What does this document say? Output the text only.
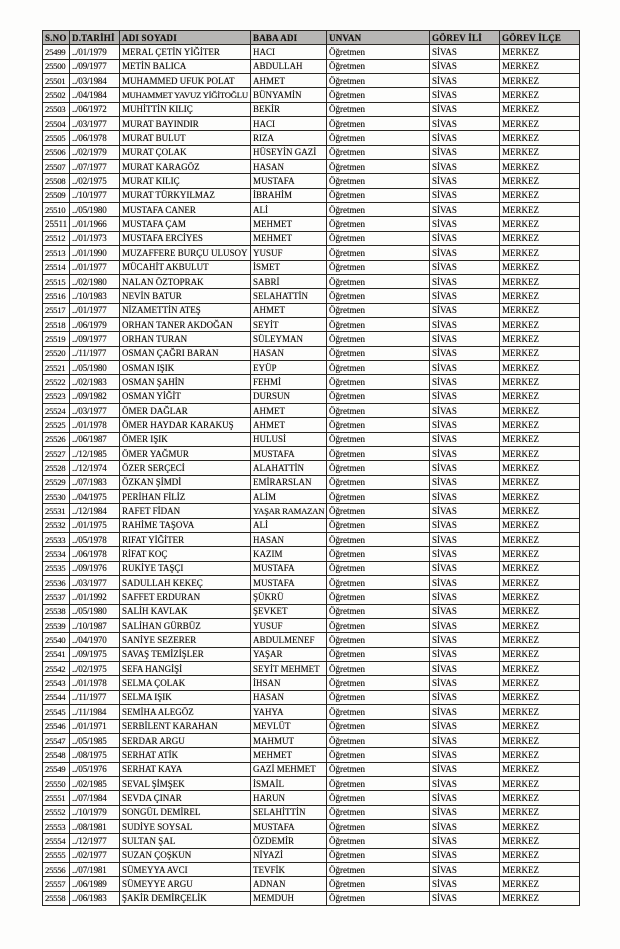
S.NO	D.TARİHİ	ADI SOYADI	BABA ADI	UNVAN	GÖREV İLİ	GÖREV İLÇE
25499	../01/1979	MERAL ÇETİN YİĞİTER	HACI	Öğretmen	SİVAS	MERKEZ
25500	../09/1977	METİN BALICA	ABDULLAH	Öğretmen	SİVAS	MERKEZ
25501	../03/1984	MUHAMMED UFUK POLAT	AHMET	Öğretmen	SİVAS	MERKEZ
25502	../04/1984	MUHAMMET YAVUZ YİĞİTOĞLU	BÜNYAMİN	Öğretmen	SİVAS	MERKEZ
25503	../06/1972	MUHİTTİN KILIÇ	BEKİR	Öğretmen	SİVAS	MERKEZ
25504	../03/1977	MURAT BAYINDIR	HACI	Öğretmen	SİVAS	MERKEZ
25505	../06/1978	MURAT BULUT	RIZA	Öğretmen	SİVAS	MERKEZ
25506	../02/1979	MURAT ÇOLAK	HÜSEYİN GAZİ	Öğretmen	SİVAS	MERKEZ
25507	../07/1977	MURAT KARAGÖZ	HASAN	Öğretmen	SİVAS	MERKEZ
25508	../02/1975	MURAT KILIÇ	MUSTAFA	Öğretmen	SİVAS	MERKEZ
25509	../10/1977	MURAT TÜRKYILMAZ	İBRAHİM	Öğretmen	SİVAS	MERKEZ
25510	../05/1980	MUSTAFA CANER	ALİ	Öğretmen	SİVAS	MERKEZ
25511	../01/1966	MUSTAFA ÇAM	MEHMET	Öğretmen	SİVAS	MERKEZ
25512	../01/1973	MUSTAFA ERCİYES	MEHMET	Öğretmen	SİVAS	MERKEZ
25513	../01/1990	MUZAFFERE BURÇU ULUSOY	YUSUF	Öğretmen	SİVAS	MERKEZ
25514	../01/1977	MÜCAHİT AKBULUT	İSMET	Öğretmen	SİVAS	MERKEZ
25515	../02/1980	NALAN ÖZTOPRAK	SABRİ	Öğretmen	SİVAS	MERKEZ
25516	../10/1983	NEVİN BATUR	SELAHATTİN	Öğretmen	SİVAS	MERKEZ
25517	../01/1977	NİZAMETTİN ATEŞ	AHMET	Öğretmen	SİVAS	MERKEZ
25518	../06/1979	ORHAN TANER AKDOĞAN	SEYİT	Öğretmen	SİVAS	MERKEZ
25519	../09/1977	ORHAN TURAN	SÜLEYMAN	Öğretmen	SİVAS	MERKEZ
25520	../11/1977	OSMAN ÇAĞRI BARAN	HASAN	Öğretmen	SİVAS	MERKEZ
25521	../05/1980	OSMAN IŞIK	EYÜP	Öğretmen	SİVAS	MERKEZ
25522	../02/1983	OSMAN ŞAHİN	FEHMİ	Öğretmen	SİVAS	MERKEZ
25523	../09/1982	OSMAN YİĞİT	DURSUN	Öğretmen	SİVAS	MERKEZ
25524	../03/1977	ÖMER DAĞLAR	AHMET	Öğretmen	SİVAS	MERKEZ
25525	../01/1978	ÖMER HAYDAR KARAKUŞ	AHMET	Öğretmen	SİVAS	MERKEZ
25526	../06/1987	ÖMER IŞIK	HULUSİ	Öğretmen	SİVAS	MERKEZ
25527	../12/1985	ÖMER YAĞMUR	MUSTAFA	Öğretmen	SİVAS	MERKEZ
25528	../12/1974	ÖZER SERÇECİ	ALAHATTİN	Öğretmen	SİVAS	MERKEZ
25529	../07/1983	ÖZKAN ŞİMDİ	EMİRARSLAN	Öğretmen	SİVAS	MERKEZ
25530	../04/1975	PERİHAN FİLİZ	ALİM	Öğretmen	SİVAS	MERKEZ
25531	../12/1984	RAFET FİDAN	YAŞAR RAMAZAN	Öğretmen	SİVAS	MERKEZ
25532	../01/1975	RAHİME TAŞOVA	ALİ	Öğretmen	SİVAS	MERKEZ
25533	../05/1978	RIFAT YİĞİTER	HASAN	Öğretmen	SİVAS	MERKEZ
25534	../06/1978	RİFAT KOÇ	KAZIM	Öğretmen	SİVAS	MERKEZ
25535	../09/1976	RUKİYE TAŞÇI	MUSTAFA	Öğretmen	SİVAS	MERKEZ
25536	../03/1977	SADULLAH KEKEÇ	MUSTAFA	Öğretmen	SİVAS	MERKEZ
25537	../01/1992	SAFFET ERDURAN	ŞÜKRÜ	Öğretmen	SİVAS	MERKEZ
25538	../05/1980	SALİH KAVLAK	ŞEVKET	Öğretmen	SİVAS	MERKEZ
25539	../10/1987	SALİHAN GÜRBÜZ	YUSUF	Öğretmen	SİVAS	MERKEZ
25540	../04/1970	SANİYE SEZERER	ABDULMENEF	Öğretmen	SİVAS	MERKEZ
25541	../09/1975	SAVAŞ TEMİZİŞLER	YAŞAR	Öğretmen	SİVAS	MERKEZ
25542	../02/1975	SEFA HANGİŞİ	SEYİT MEHMET	Öğretmen	SİVAS	MERKEZ
25543	../01/1978	SELMA ÇOLAK	İHSAN	Öğretmen	SİVAS	MERKEZ
25544	../11/1977	SELMA IŞIK	HASAN	Öğretmen	SİVAS	MERKEZ
25545	../11/1984	SEMİHA ALEGÖZ	YAHYA	Öğretmen	SİVAS	MERKEZ
25546	../01/1971	SERBİLENT KARAHAN	MEVLÜT	Öğretmen	SİVAS	MERKEZ
25547	../05/1985	SERDAR ARGU	MAHMUT	Öğretmen	SİVAS	MERKEZ
25548	../08/1975	SERHAT ATİK	MEHMET	Öğretmen	SİVAS	MERKEZ
25549	../05/1976	SERHAT KAYA	GAZİ MEHMET	Öğretmen	SİVAS	MERKEZ
25550	../02/1985	SEVAL ŞİMŞEK	İSMAİL	Öğretmen	SİVAS	MERKEZ
25551	../07/1984	SEVDA ÇINAR	HARUN	Öğretmen	SİVAS	MERKEZ
25552	../10/1979	SONGÜL DEMİREL	SELAHİTTİN	Öğretmen	SİVAS	MERKEZ
25553	../08/1981	SUDİYE SOYSAL	MUSTAFA	Öğretmen	SİVAS	MERKEZ
25554	../12/1977	SULTAN ŞAL	ÖZDEMİR	Öğretmen	SİVAS	MERKEZ
25555	../02/1977	SUZAN ÇOŞKUN	NİYAZİ	Öğretmen	SİVAS	MERKEZ
25556	../07/1981	SÜMEYYA AVCI	TEVFİK	Öğretmen	SİVAS	MERKEZ
25557	../06/1989	SÜMEYYE ARGU	ADNAN	Öğretmen	SİVAS	MERKEZ
25558	../06/1983	ŞAKİR DEMİRÇELİK	MEMDUH	Öğretmen	SİVAS	MERKEZ
